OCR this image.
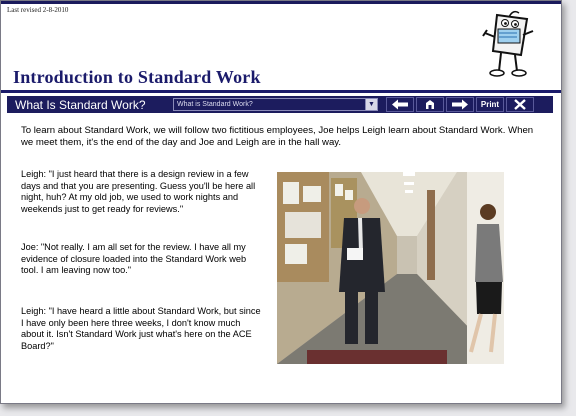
Last revised 2-8-2010
Introduction to Standard Work
What Is Standard Work?	What is Standard Work?	▼	Print
To learn about Standard Work, we will follow two fictitious employees, Joe helps Leigh learn about Standard Work. When we meet them, it's the end of the day and Joe and Leigh are in the hall way.
Leigh: "I just heard that there is a design review in a few days and that you are presenting. Guess you'll be here all night, huh? At my old job, we used to work nights and weekends just to get ready for reviews."
Joe: "Not really. I am all set for the review. I have all my evidence of closure loaded into the Standard Work web tool. I am leaving now too."
Leigh: "I have heard a little about Standard Work, but since I have only been here three weeks, I don't know much about it. Isn't Standard Work just what's here on the ACE Board?"
